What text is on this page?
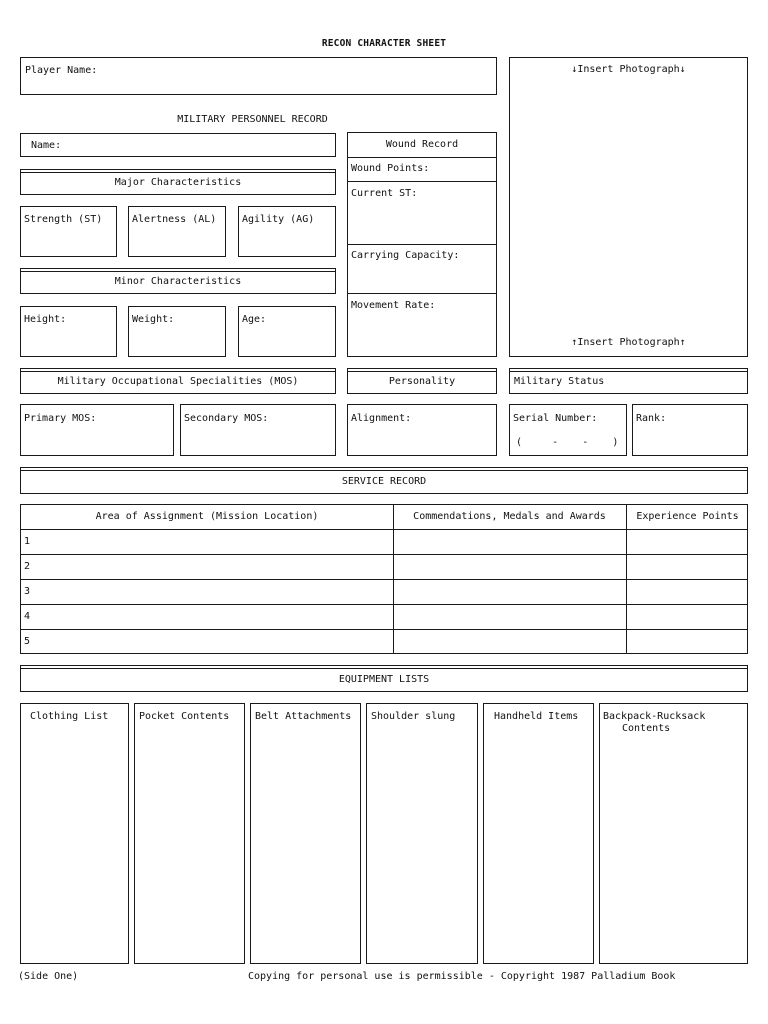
RECON CHARACTER SHEET
Player Name:	↓Insert Photograph↓
↑Insert Photograph↑
MILITARY PERSONNEL RECORD
Name:	Wound Record
Wound Points:
Current ST:
Carrying Capacity:
Movement Rate:
Major Characteristics
Strength (ST)	Alertness (AL)	Agility (AG)
Minor Characteristics
Height:	Weight:	Age:
Military Occupational Specialities (MOS)	Personality	Military Status
Primary MOS:	Secondary MOS:	Alignment:	Serial Number:
(     -    -    )
Rank:
SERVICE RECORD
Area of Assignment (Mission Location)	Commendations, Medals and Awards	Experience Points
1
2
3
4
5
EQUIPMENT LISTS
Clothing List	Pocket Contents	Belt Attachments Shoulder slung	Handheld Items Backpack-Rucksack
Contents
(Side One)	Copying for personal use is permissible - Copyright 1987 Palladium Book
